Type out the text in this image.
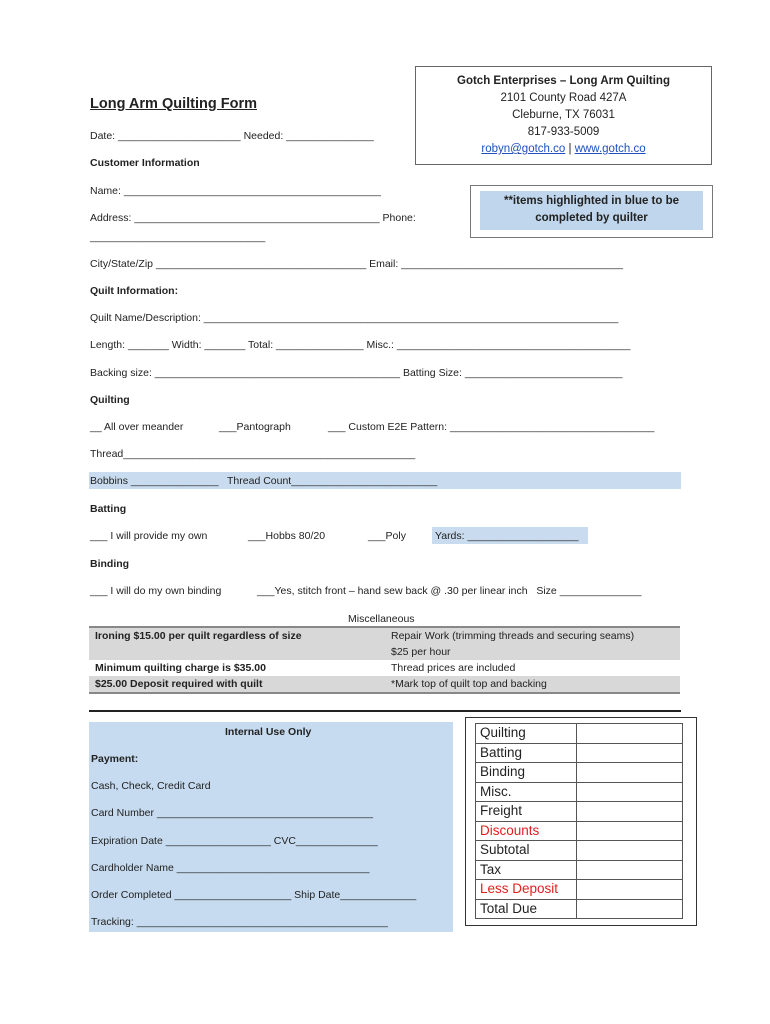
Gotch Enterprises – Long Arm Quilting
2101 County Road 427A
Cleburne, TX 76031
817-933-5009
robyn@gotch.co | www.gotch.co
Long Arm Quilting Form
Date: _____________________ Needed: _______________
Customer Information
Name: ____________________________________________
**items highlighted in blue to be completed by quilter
Address: __________________________________________ Phone:
______________________________
City/State/Zip ____________________________________ Email: ______________________________________
Quilt Information:
Quilt Name/Description: _______________________________________________________________________
Length: _______ Width: _______ Total: _______________ Misc.: ________________________________________
Backing size: __________________________________________ Batting Size: ___________________________
Quilting
__ All over meander	___Pantograph	___ Custom E2E Pattern: ___________________________________
Thread__________________________________________________
Bobbins _______________   Thread Count_________________________
Batting
___ I will provide my own	___Hobbs 80/20	___Poly	Yards: ___________________
Binding
___ I will do my own binding	___Yes, stitch front – hand sew back @ .30 per linear inch   Size ______________
Miscellaneous
Ironing $15.00 per quilt regardless of size	Repair Work (trimming threads and securing seams)
	$25 per hour
Minimum quilting charge is $35.00	Thread prices are included
$25.00 Deposit required with quilt	*Mark top of quilt top and backing
Internal Use Only
Payment:
Cash, Check, Credit Card
Card Number _____________________________________
Expiration Date __________________ CVC______________
Cardholder Name _________________________________
Order Completed ____________________ Ship Date_____________
Tracking: ___________________________________________
Quilting	
Batting	
Binding	
Misc.	
Freight	
Discounts	
Subtotal	
Tax	
Less Deposit	
Total Due	
